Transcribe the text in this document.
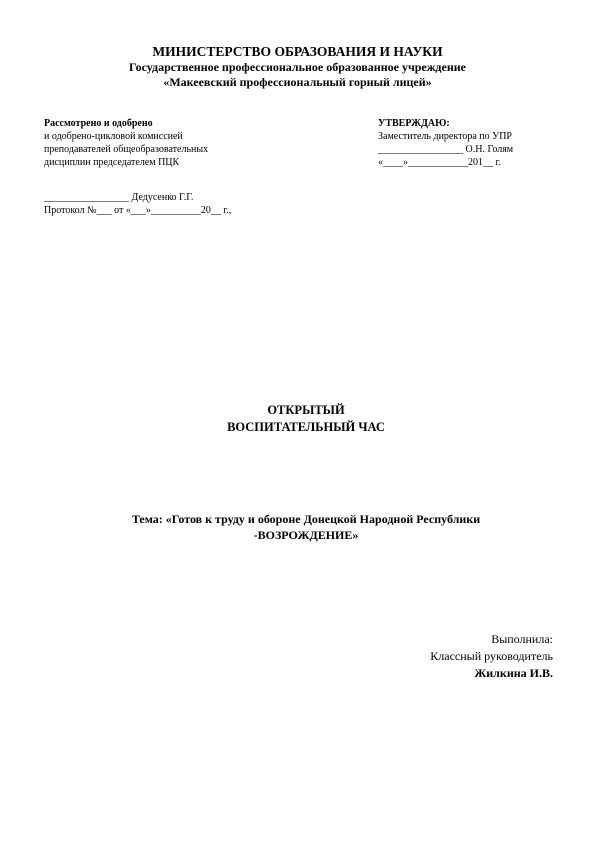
МИНИСТЕРСТВО ОБРАЗОВАНИЯ И НАУКИ
Государственное профессиональное образованное учреждение
«Макеевский профессиональный горный лицей»
Рассмотрено и одобрено
и одобрено-цикловой комиссией
преподавателей общеобразовательных
дисциплин председателем ПЦК
УТВЕРЖДАЮ:
Заместитель директора по УПР
_________________ О.Н. Голям
«____»____________201__ г.
_________________ Дедусенко Г.Г.
Протокол №___ от «___»__________20__ г.,
ОТКРЫТЫЙ
ВОСПИТАТЕЛЬНЫЙ ЧАС
Тема: «Готов к труду и обороне Донецкой Народной Республики
-ВОЗРОЖДЕНИЕ»
Выполнила:
Классный руководитель
Жилкина И.В.
